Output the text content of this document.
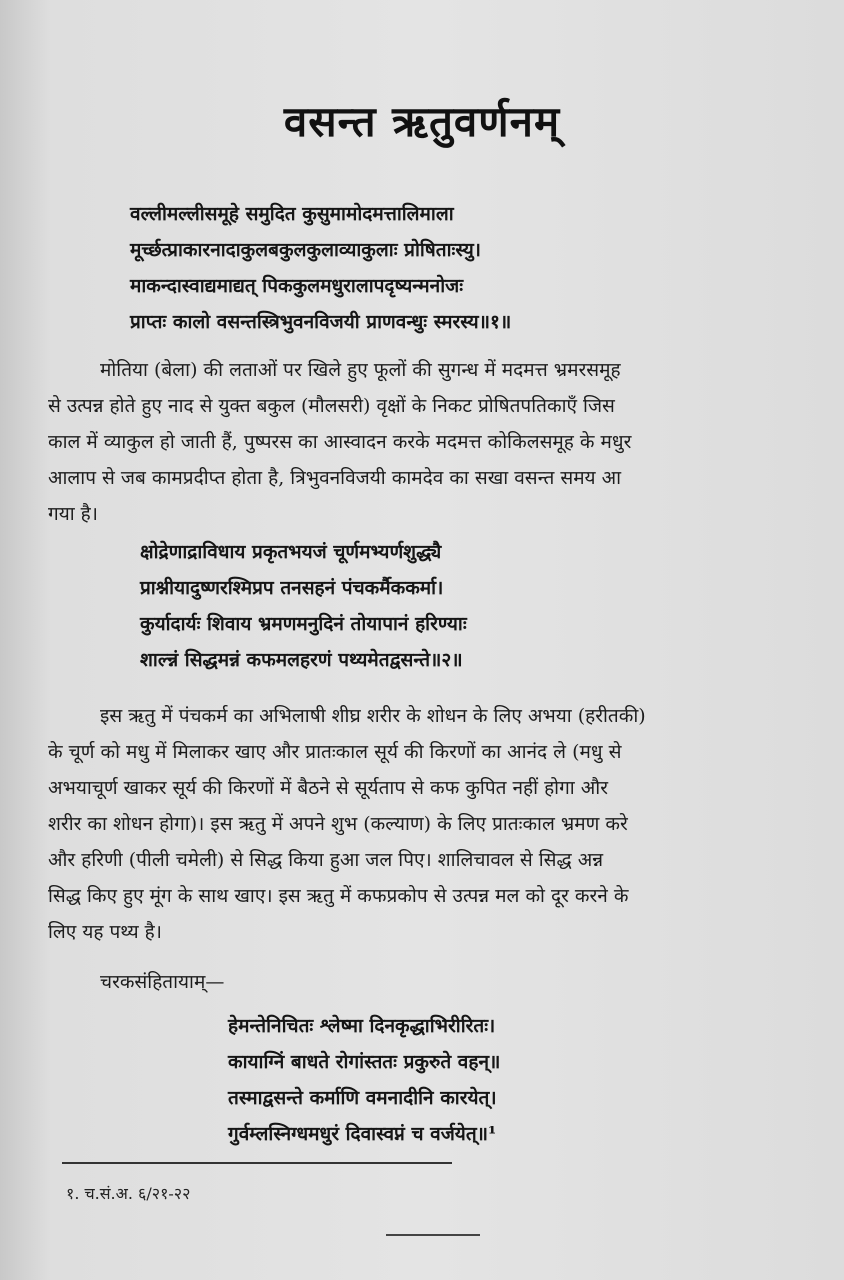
वसन्त ऋतुवर्णनम्
वल्लीमल्लीसमूहे समुदित कुसुमामोदमत्तालिमाला
मूर्च्छत्प्राकारनादाकुलबकुलकुलाव्याकुलाः प्रोषिताःस्यु।
माकन्दास्वाद्यमाद्यत् पिककुलमधुरालापदृष्यन्मनोजः
प्राप्तः कालो वसन्तस्त्रिभुवनविजयी प्राणवन्धुः स्मरस्य॥१॥
मोतिया (बेला) की लताओं पर खिले हुए फूलों की सुगन्ध में मदमत्त भ्रमरसमूह
से उत्पन्न होते हुए नाद से युक्त बकुल (मौलसरी) वृक्षों के निकट प्रोषितपतिकाएँ जिस
काल में व्याकुल हो जाती हैं, पुष्परस का आस्वादन करके मदमत्त कोकिलसमूह के मधुर
आलाप से जब कामप्रदीप्त होता है, त्रिभुवनविजयी कामदेव का सखा वसन्त समय आ
गया है।
क्षोद्रेणाद्राविधाय प्रकृतभयजं चूर्णमभ्यर्णशुद्ध्यै
प्राश्नीयादुष्णरश्मिप्रप तनसहनं पंचकर्मैककर्मा।
कुर्यादार्यः शिवाय भ्रमणमनुदिनं तोयापानं हरिण्याः
शाल्न्नं सिद्धमन्नं कफमलहरणं पथ्यमेतद्वसन्ते॥२॥
इस ऋतु में पंचकर्म का अभिलाषी शीघ्र शरीर के शोधन के लिए अभया (हरीतकी)
के चूर्ण को मधु में मिलाकर खाए और प्रातःकाल सूर्य की किरणों का आनंद ले (मधु से
अभयाचूर्ण खाकर सूर्य की किरणों में बैठने से सूर्यताप से कफ कुपित नहीं होगा और
शरीर का शोधन होगा)। इस ऋतु में अपने शुभ (कल्याण) के लिए प्रातःकाल भ्रमण करे
और हरिणी (पीली चमेली) से सिद्ध किया हुआ जल पिए। शालिचावल से सिद्ध अन्न
सिद्ध किए हुए मूंग के साथ खाए। इस ऋतु में कफप्रकोप से उत्पन्न मल को दूर करने के
लिए यह पथ्य है।
चरकसंहितायाम्—
हेमन्तेनिचितः श्लेष्मा दिनकृद्धाभिरीरितः।
कायाग्निं बाधते रोगांस्ततः प्रकुरुते वहन्॥
तस्माद्वसन्ते कर्माणि वमनादीनि कारयेत्।
गुर्वम्लस्निग्धमधुरं दिवास्वप्नं च वर्जयेत्॥¹
१. च.सं.अ. ६/२१-२२
